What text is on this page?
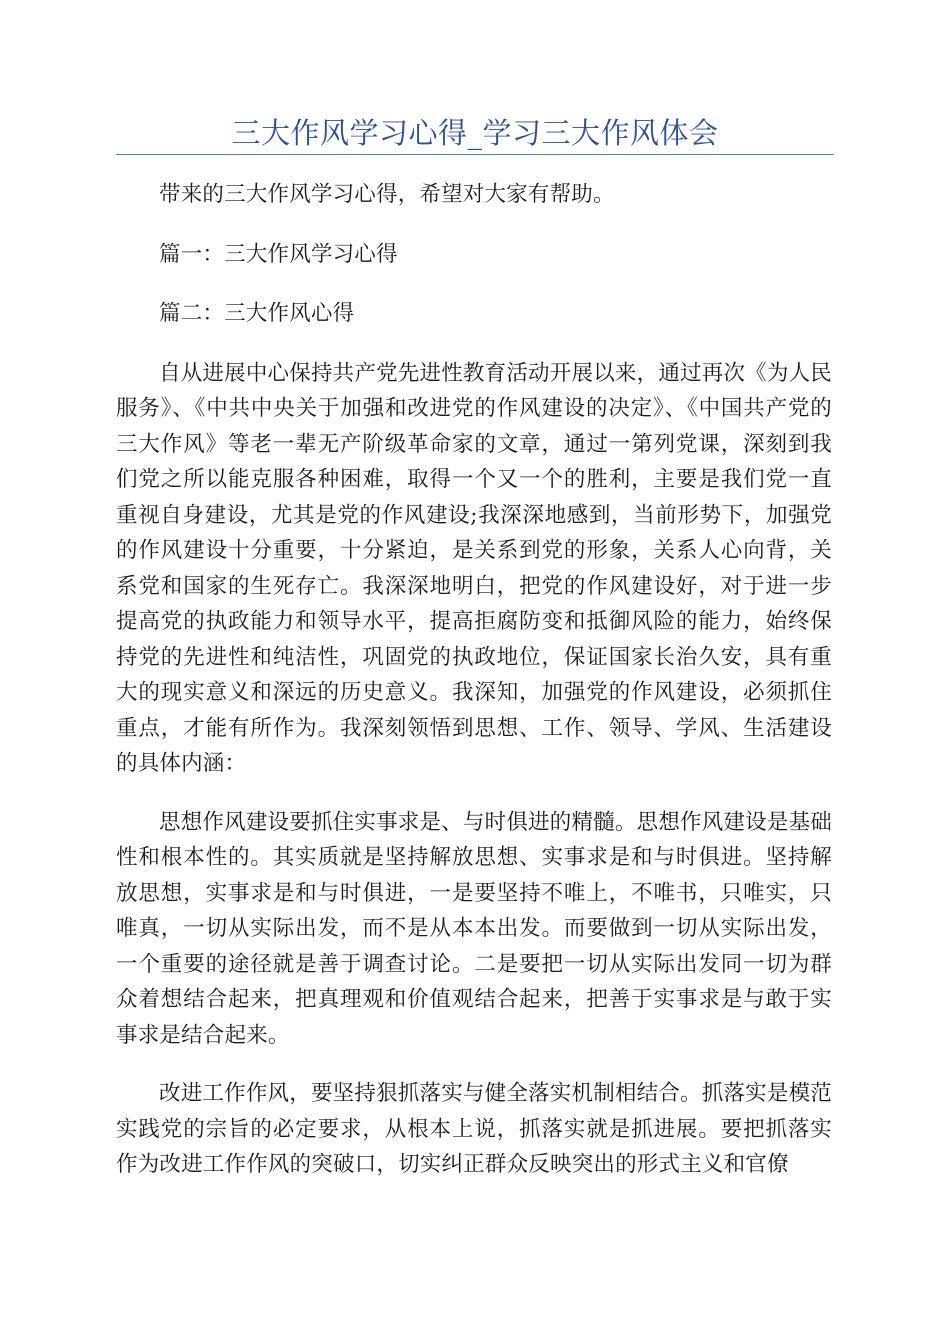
三大作风学习心得_学习三大作风体会

带来的三大作风学习心得，希望对大家有帮助。

篇一：三大作风学习心得

篇二：三大作风心得

自从进展中心保持共产党先进性教育活动开展以来，通过再次《为人民服务》、《中共中央关于加强和改进党的作风建设的决定》、《中国共产党的三大作风》等老一辈无产阶级革命家的文章，通过一第列党课，深刻到我们党之所以能克服各种困难，取得一个又一个的胜利，主要是我们党一直重视自身建设，尤其是党的作风建设;我深深地感到，当前形势下，加强党的作风建设十分重要，十分紧迫，是关系到党的形象，关系人心向背，关系党和国家的生死存亡。我深深地明白，把党的作风建设好，对于进一步提高党的执政能力和领导水平，提高拒腐防变和抵御风险的能力，始终保持党的先进性和纯洁性，巩固党的执政地位，保证国家长治久安，具有重大的现实意义和深远的历史意义。我深知，加强党的作风建设，必须抓住重点，才能有所作为。我深刻领悟到思想、工作、领导、学风、生活建设的具体内涵：

思想作风建设要抓住实事求是、与时俱进的精髓。思想作风建设是基础性和根本性的。其实质就是坚持解放思想、实事求是和与时俱进。坚持解放思想，实事求是和与时俱进，一是要坚持不唯上，不唯书，只唯实，只唯真，一切从实际出发，而不是从本本出发。而要做到一切从实际出发，一个重要的途径就是善于调查讨论。二是要把一切从实际出发同一切为群众着想结合起来，把真理观和价值观结合起来，把善于实事求是与敢于实事求是结合起来。

改进工作作风，要坚持狠抓落实与健全落实机制相结合。抓落实是模范实践党的宗旨的必定要求，从根本上说，抓落实就是抓进展。要把抓落实作为改进工作作风的突破口，切实纠正群众反映突出的形式主义和官僚
